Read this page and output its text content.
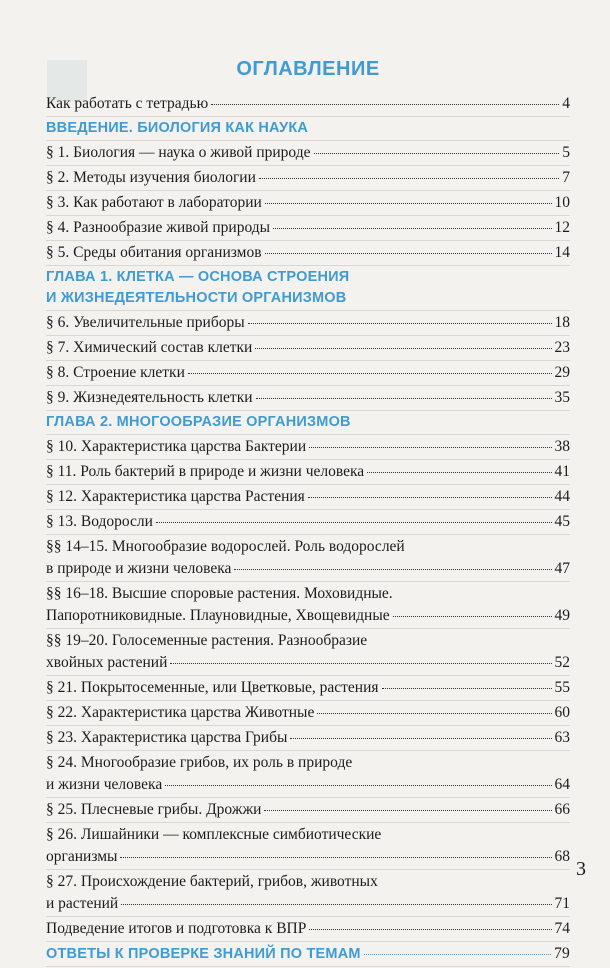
ОГЛАВЛЕНИЕ
Как работать с тетрадью	4
ВВЕДЕНИЕ. БИОЛОГИЯ КАК НАУКА
§ 1. Биология — наука о живой природе	5
§ 2. Методы изучения биологии	7
§ 3. Как работают в лаборатории	10
§ 4. Разнообразие живой природы	12
§ 5. Среды обитания организмов	14
ГЛАВА 1. КЛЕТКА — ОСНОВА СТРОЕНИЯ
И ЖИЗНЕДЕЯТЕЛЬНОСТИ ОРГАНИЗМОВ
§ 6. Увеличительные приборы	18
§ 7. Химический состав клетки	23
§ 8. Строение клетки	29
§ 9. Жизнедеятельность клетки	35
ГЛАВА 2. МНОГООБРАЗИЕ ОРГАНИЗМОВ
§ 10. Характеристика царства Бактерии	38
§ 11. Роль бактерий в природе и жизни человека	41
§ 12. Характеристика царства Растения	44
§ 13. Водоросли	45
§§ 14–15. Многообразие водорослей. Роль водорослей
в природе и жизни человека	47
§§ 16–18. Высшие споровые растения. Моховидные.
Папоротниковидные. Плауновидные, Хвощевидные	49
§§ 19–20. Голосеменные растения. Разнообразие
хвойных растений	52
§ 21. Покрытосеменные, или Цветковые, растения	55
§ 22. Характеристика царства Животные	60
§ 23. Характеристика царства Грибы	63
§ 24. Многообразие грибов, их роль в природе
и жизни человека	64
§ 25. Плесневые грибы. Дрожжи	66
§ 26. Лишайники — комплексные симбиотические
организмы	68
§ 27. Происхождение бактерий, грибов, животных
и растений	71
Подведение итогов и подготовка к ВПР	74
ОТВЕТЫ К ПРОВЕРКЕ ЗНАНИЙ ПО ТЕМАМ	79
3
